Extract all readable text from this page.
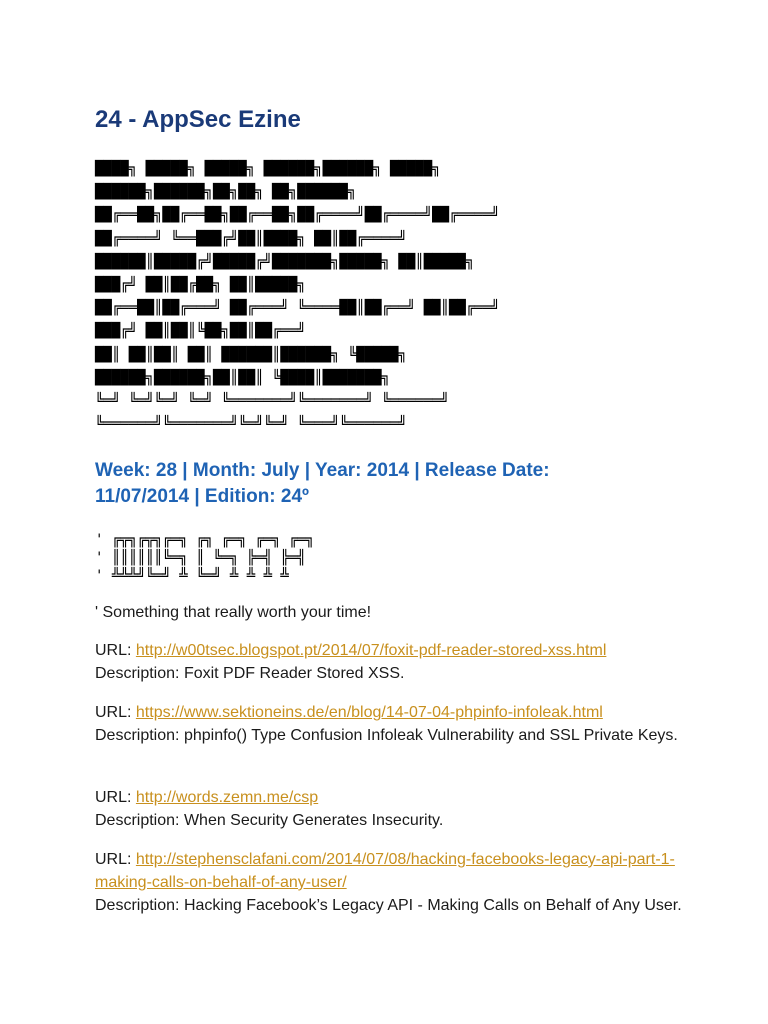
24 - AppSec Ezine
████╗ █████╗ █████╗ ██████╗██████╗ █████╗
██████╗██████╗██╗██╗ ██╗██████╗
██╔══██╗██╔══██╗██╔══██╗██╔════╝██╔════╝██╔════╝
██╔════╝ ╚══███╔╝██║████╗ ██║██╔════╝
██████║█████╔╝█████╔╝███████╗█████╗ ██║█████╗
███╔╝ ██║██╔██╗ ██║█████╗
██╔══██║██╔═══╝ ██╔═══╝ ╚════██║██╔══╝ ██║██╔══╝
███╔╝ ██║██║╚██╗██║██╔══╝
██║ ██║██║ ██║ ██████║██████╗ ╚█████╗
██████╗██████╗██║██║ ╚████║███████╗
╚═╝ ╚═╝╚═╝ ╚═╝ ╚═══════╝╚═══════╝ ╚══════╝
╚══════╝╚═══════╝╚═╝╚═╝ ╚═══╝╚══════╝
Week: 28 | Month: July | Year: 2014 | Release Date: 11/07/2014 | Edition: 24º
' ╔╦╗╔╦╗╔═╗ ╔╗ ╔═╗ ╔═╗ ╔═╗
' ║║║║║║╚═╗ ║ ╚═╗ ╠═╣ ╠═╣
' ╩╩╩╝╚═╝ ╩ ╚═╝ ╩ ╩ ╩ ╩

' Something that really worth your time!

URL: http://w00tsec.blogspot.pt/2014/07/foxit-pdf-reader-stored-xss.html

Description: Foxit PDF Reader Stored XSS.

URL: https://www.sektioneins.de/en/blog/14-07-04-phpinfo-infoleak.html

Description: phpinfo() Type Confusion Infoleak Vulnerability and SSL Private Keys.

URL: http://words.zemn.me/csp

Description: When Security Generates Insecurity.

URL: http://stephensclafani.com/2014/07/08/hacking-facebooks-legacy-api-part-1-making-calls-on-behalf-of-any-user/

Description: Hacking Facebook’s Legacy API - Making Calls on Behalf of Any User.
